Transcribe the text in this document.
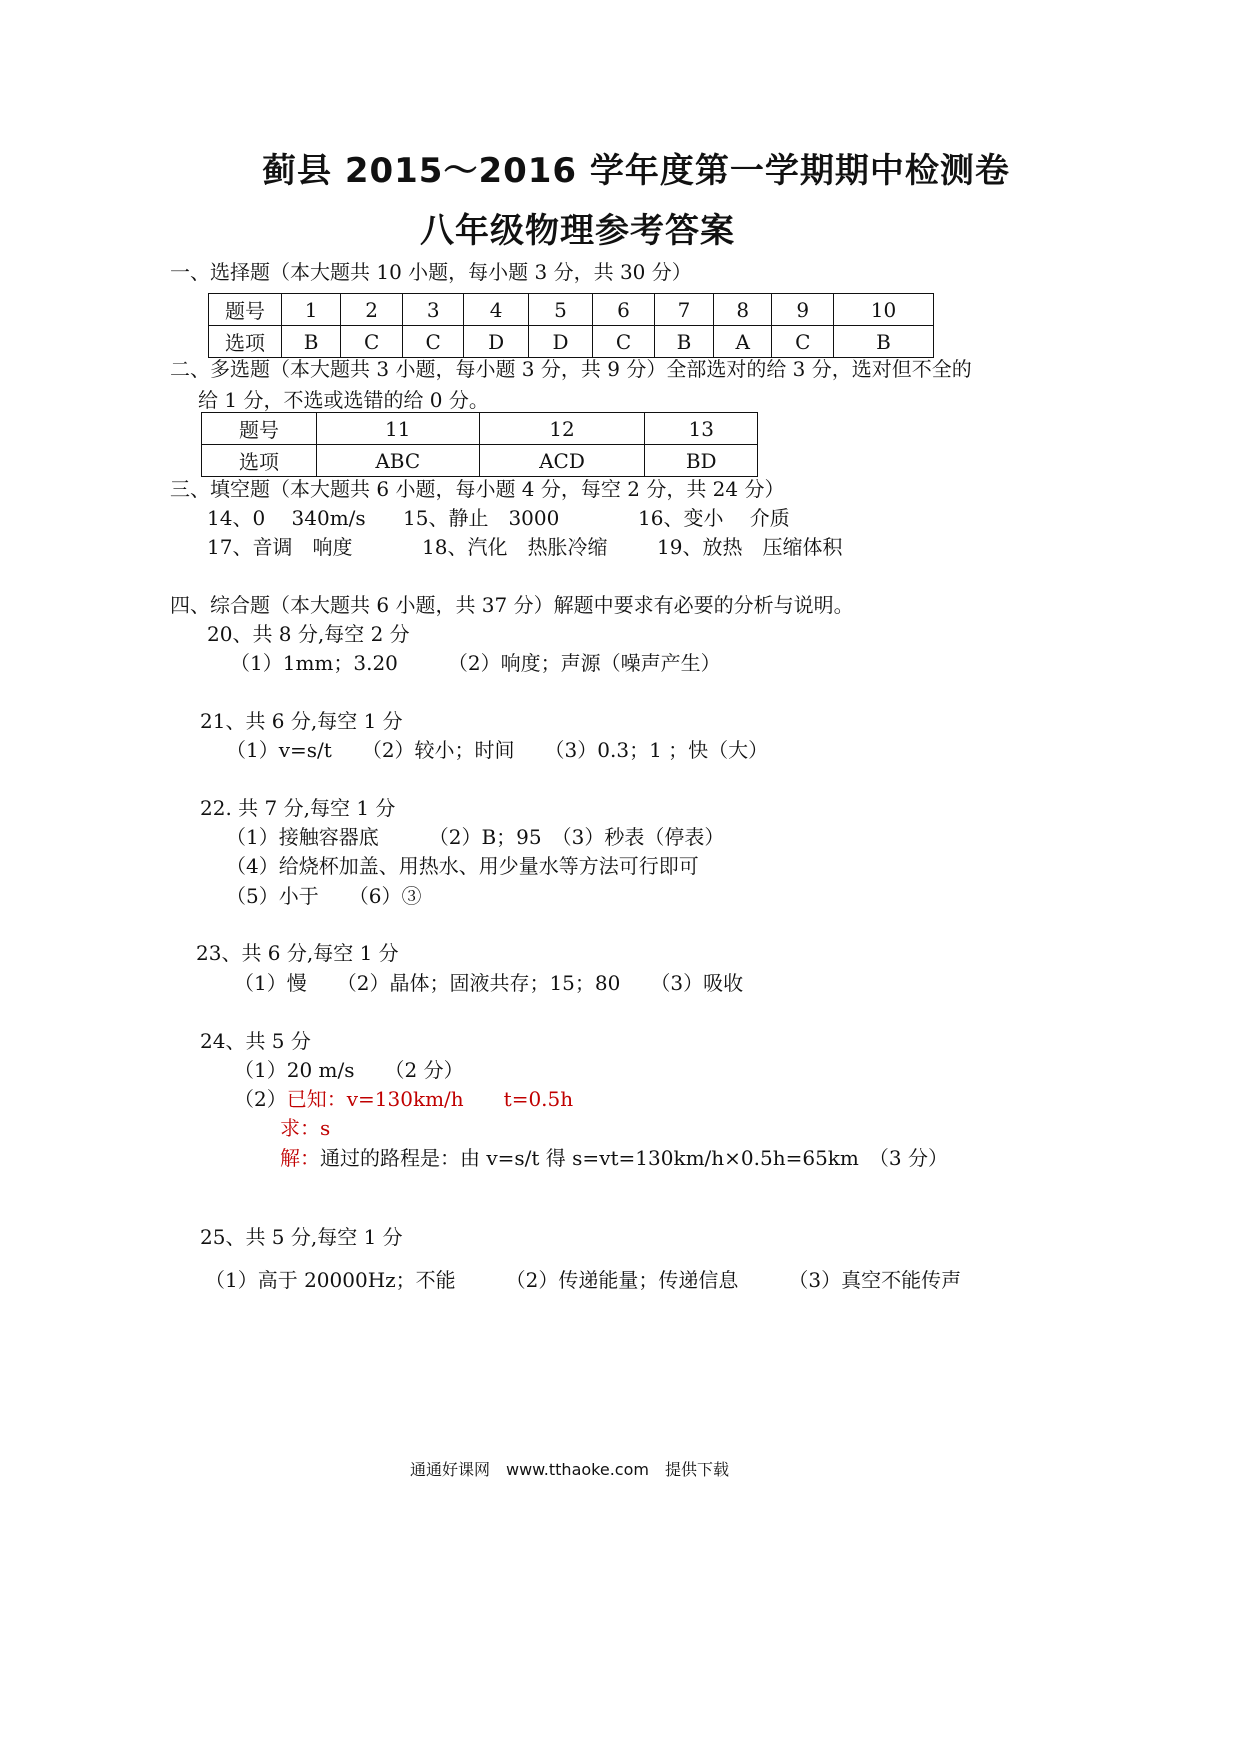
蓟县 2015～2016 学年度第一学期期中检测卷
八年级物理参考答案
一、选择题（本大题共 10 小题，每小题 3 分，共 30 分）
题号	1	2	3	4	5	6	7	8	9	10
选项	B	C	C	D	D	C	B	A	C	B
二、多选题（本大题共 3 小题，每小题 3 分，共 9 分）全部选对的给 3 分，选对但不全的
给 1 分，不选或选错的给 0 分。
题号	11	12	13
选项	ABC	ACD	BD
三、填空题（本大题共 6 小题，每小题 4 分，每空 2 分，共 24 分）
14、0　 340m/s 15、静止　3000	16、变小　 介质
17、音调　响度	18、汽化　热胀冷缩 19、放热　压缩体积
四、综合题（本大题共 6 小题，共 37 分）解题中要求有必要的分析与说明。
20、共 8 分,每空 2 分
（1）1mm；3.20　　　（2）响度；声源（噪声产生）
21、共 6 分,每空 1 分
（1）v=s/t　　（2）较小；时间　　（3）0.3；1 ；快（大）
22. 共 7 分,每空 1 分
（1）接触容器底　　　（2）B；95　（3）秒表（停表）
（4）给烧杯加盖、用热水、用少量水等方法可行即可
（5）小于　　（6）③
23、共 6 分,每空 1 分
（1）慢　　（2）晶体；固液共存；15；80　　（3）吸收
24、共 5 分
（1）20 m/s　　（2 分）
（2）已知：v=130km/h　　t=0.5h
求：s
解：通过的路程是：由 v=s/t 得 s=vt=130km/h×0.5h=65km　（3 分）
25、共 5 分,每空 1 分
（1）高于 20000Hz；不能　　　（2）传递能量；传递信息　　　（3）真空不能传声
通通好课网　www.tthaoke.com　提供下载
